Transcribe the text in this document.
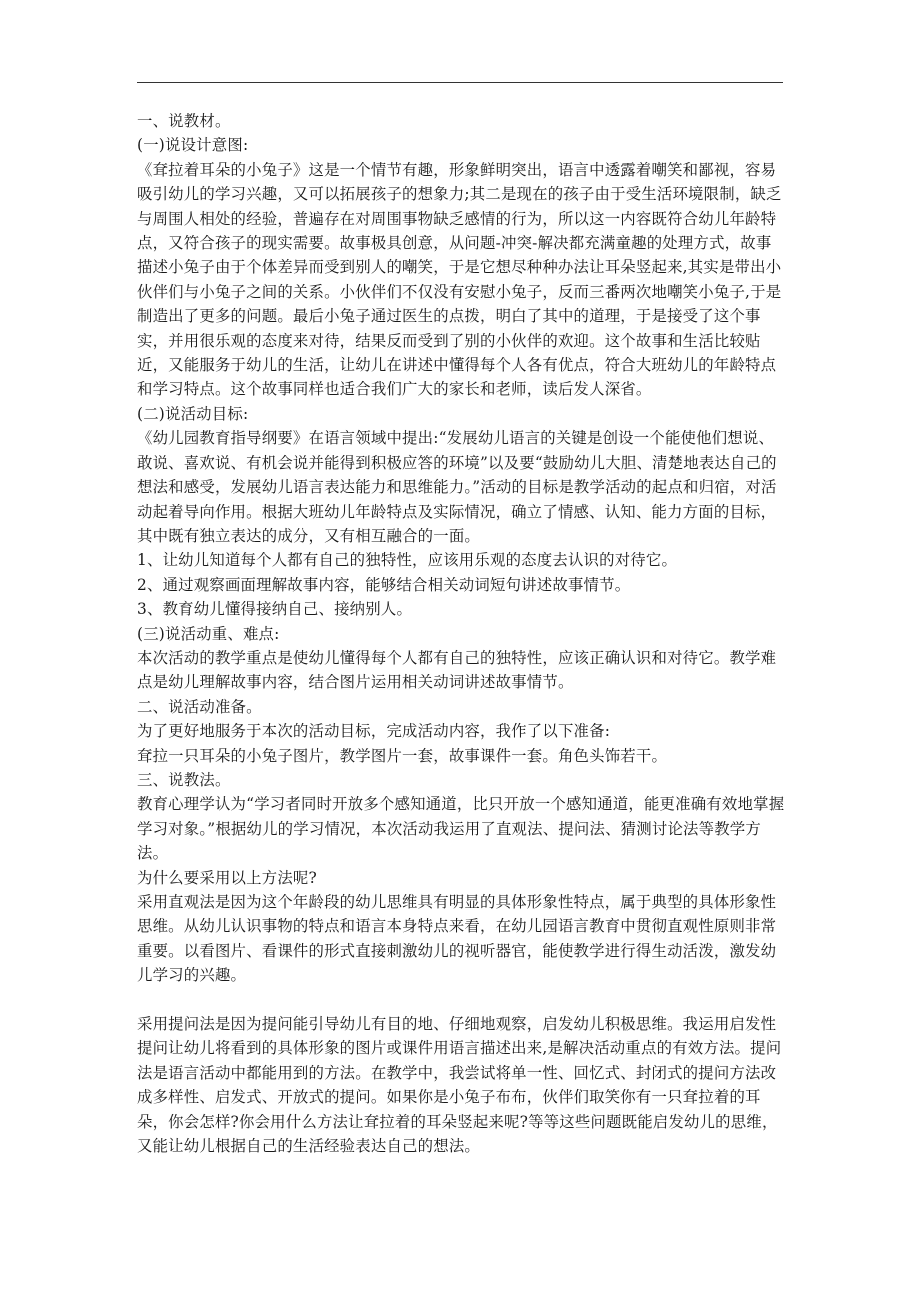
一、说教材。

(一)说设计意图:

《耷拉着耳朵的小兔子》这是一个情节有趣，形象鲜明突出，语言中透露着嘲笑和鄙视，容易吸引幼儿的学习兴趣，又可以拓展孩子的想象力;其二是现在的孩子由于受生活环境限制，缺乏与周围人相处的经验，普遍存在对周围事物缺乏感情的行为，所以这一内容既符合幼儿年龄特点，又符合孩子的现实需要。故事极具创意，从问题-冲突-解决都充满童趣的处理方式，故事描述小兔子由于个体差异而受到别人的嘲笑，于是它想尽种种办法让耳朵竖起来,其实是带出小伙伴们与小兔子之间的关系。小伙伴们不仅没有安慰小兔子，反而三番两次地嘲笑小兔子,于是制造出了更多的问题。最后小兔子通过医生的点拨，明白了其中的道理，于是接受了这个事实，并用很乐观的态度来对待，结果反而受到了别的小伙伴的欢迎。这个故事和生活比较贴近，又能服务于幼儿的生活，让幼儿在讲述中懂得每个人各有优点，符合大班幼儿的年龄特点和学习特点。这个故事同样也适合我们广大的家长和老师，读后发人深省。

(二)说活动目标:

《幼儿园教育指导纲要》在语言领域中提出:“发展幼儿语言的关键是创设一个能使他们想说、敢说、喜欢说、有机会说并能得到积极应答的环境”以及要“鼓励幼儿大胆、清楚地表达自己的想法和感受，发展幼儿语言表达能力和思维能力。”活动的目标是教学活动的起点和归宿，对活动起着导向作用。根据大班幼儿年龄特点及实际情况，确立了情感、认知、能力方面的目标，其中既有独立表达的成分，又有相互融合的一面。

1、让幼儿知道每个人都有自己的独特性，应该用乐观的态度去认识的对待它。

2、通过观察画面理解故事内容，能够结合相关动词短句讲述故事情节。

3、教育幼儿懂得接纳自己、接纳别人。

(三)说活动重、难点:

本次活动的教学重点是使幼儿懂得每个人都有自己的独特性，应该正确认识和对待它。教学难点是幼儿理解故事内容，结合图片运用相关动词讲述故事情节。

二、说活动准备。

为了更好地服务于本次的活动目标，完成活动内容，我作了以下准备:

耷拉一只耳朵的小兔子图片，教学图片一套，故事课件一套。角色头饰若干。

三、说教法。

教育心理学认为“学习者同时开放多个感知通道，比只开放一个感知通道，能更准确有效地掌握学习对象。”根据幼儿的学习情况，本次活动我运用了直观法、提问法、猜测讨论法等教学方法。

为什么要采用以上方法呢?

采用直观法是因为这个年龄段的幼儿思维具有明显的具体形象性特点，属于典型的具体形象性思维。从幼儿认识事物的特点和语言本身特点来看，在幼儿园语言教育中贯彻直观性原则非常重要。以看图片、看课件的形式直接刺激幼儿的视听器官，能使教学进行得生动活泼，激发幼儿学习的兴趣。

采用提问法是因为提问能引导幼儿有目的地、仔细地观察，启发幼儿积极思维。我运用启发性提问让幼儿将看到的具体形象的图片或课件用语言描述出来,是解决活动重点的有效方法。提问法是语言活动中都能用到的方法。在教学中，我尝试将单一性、回忆式、封闭式的提问方法改成多样性、启发式、开放式的提问。如果你是小兔子布布，伙伴们取笑你有一只耷拉着的耳朵，你会怎样?你会用什么方法让耷拉着的耳朵竖起来呢?等等这些问题既能启发幼儿的思维，又能让幼儿根据自己的生活经验表达自己的想法。
